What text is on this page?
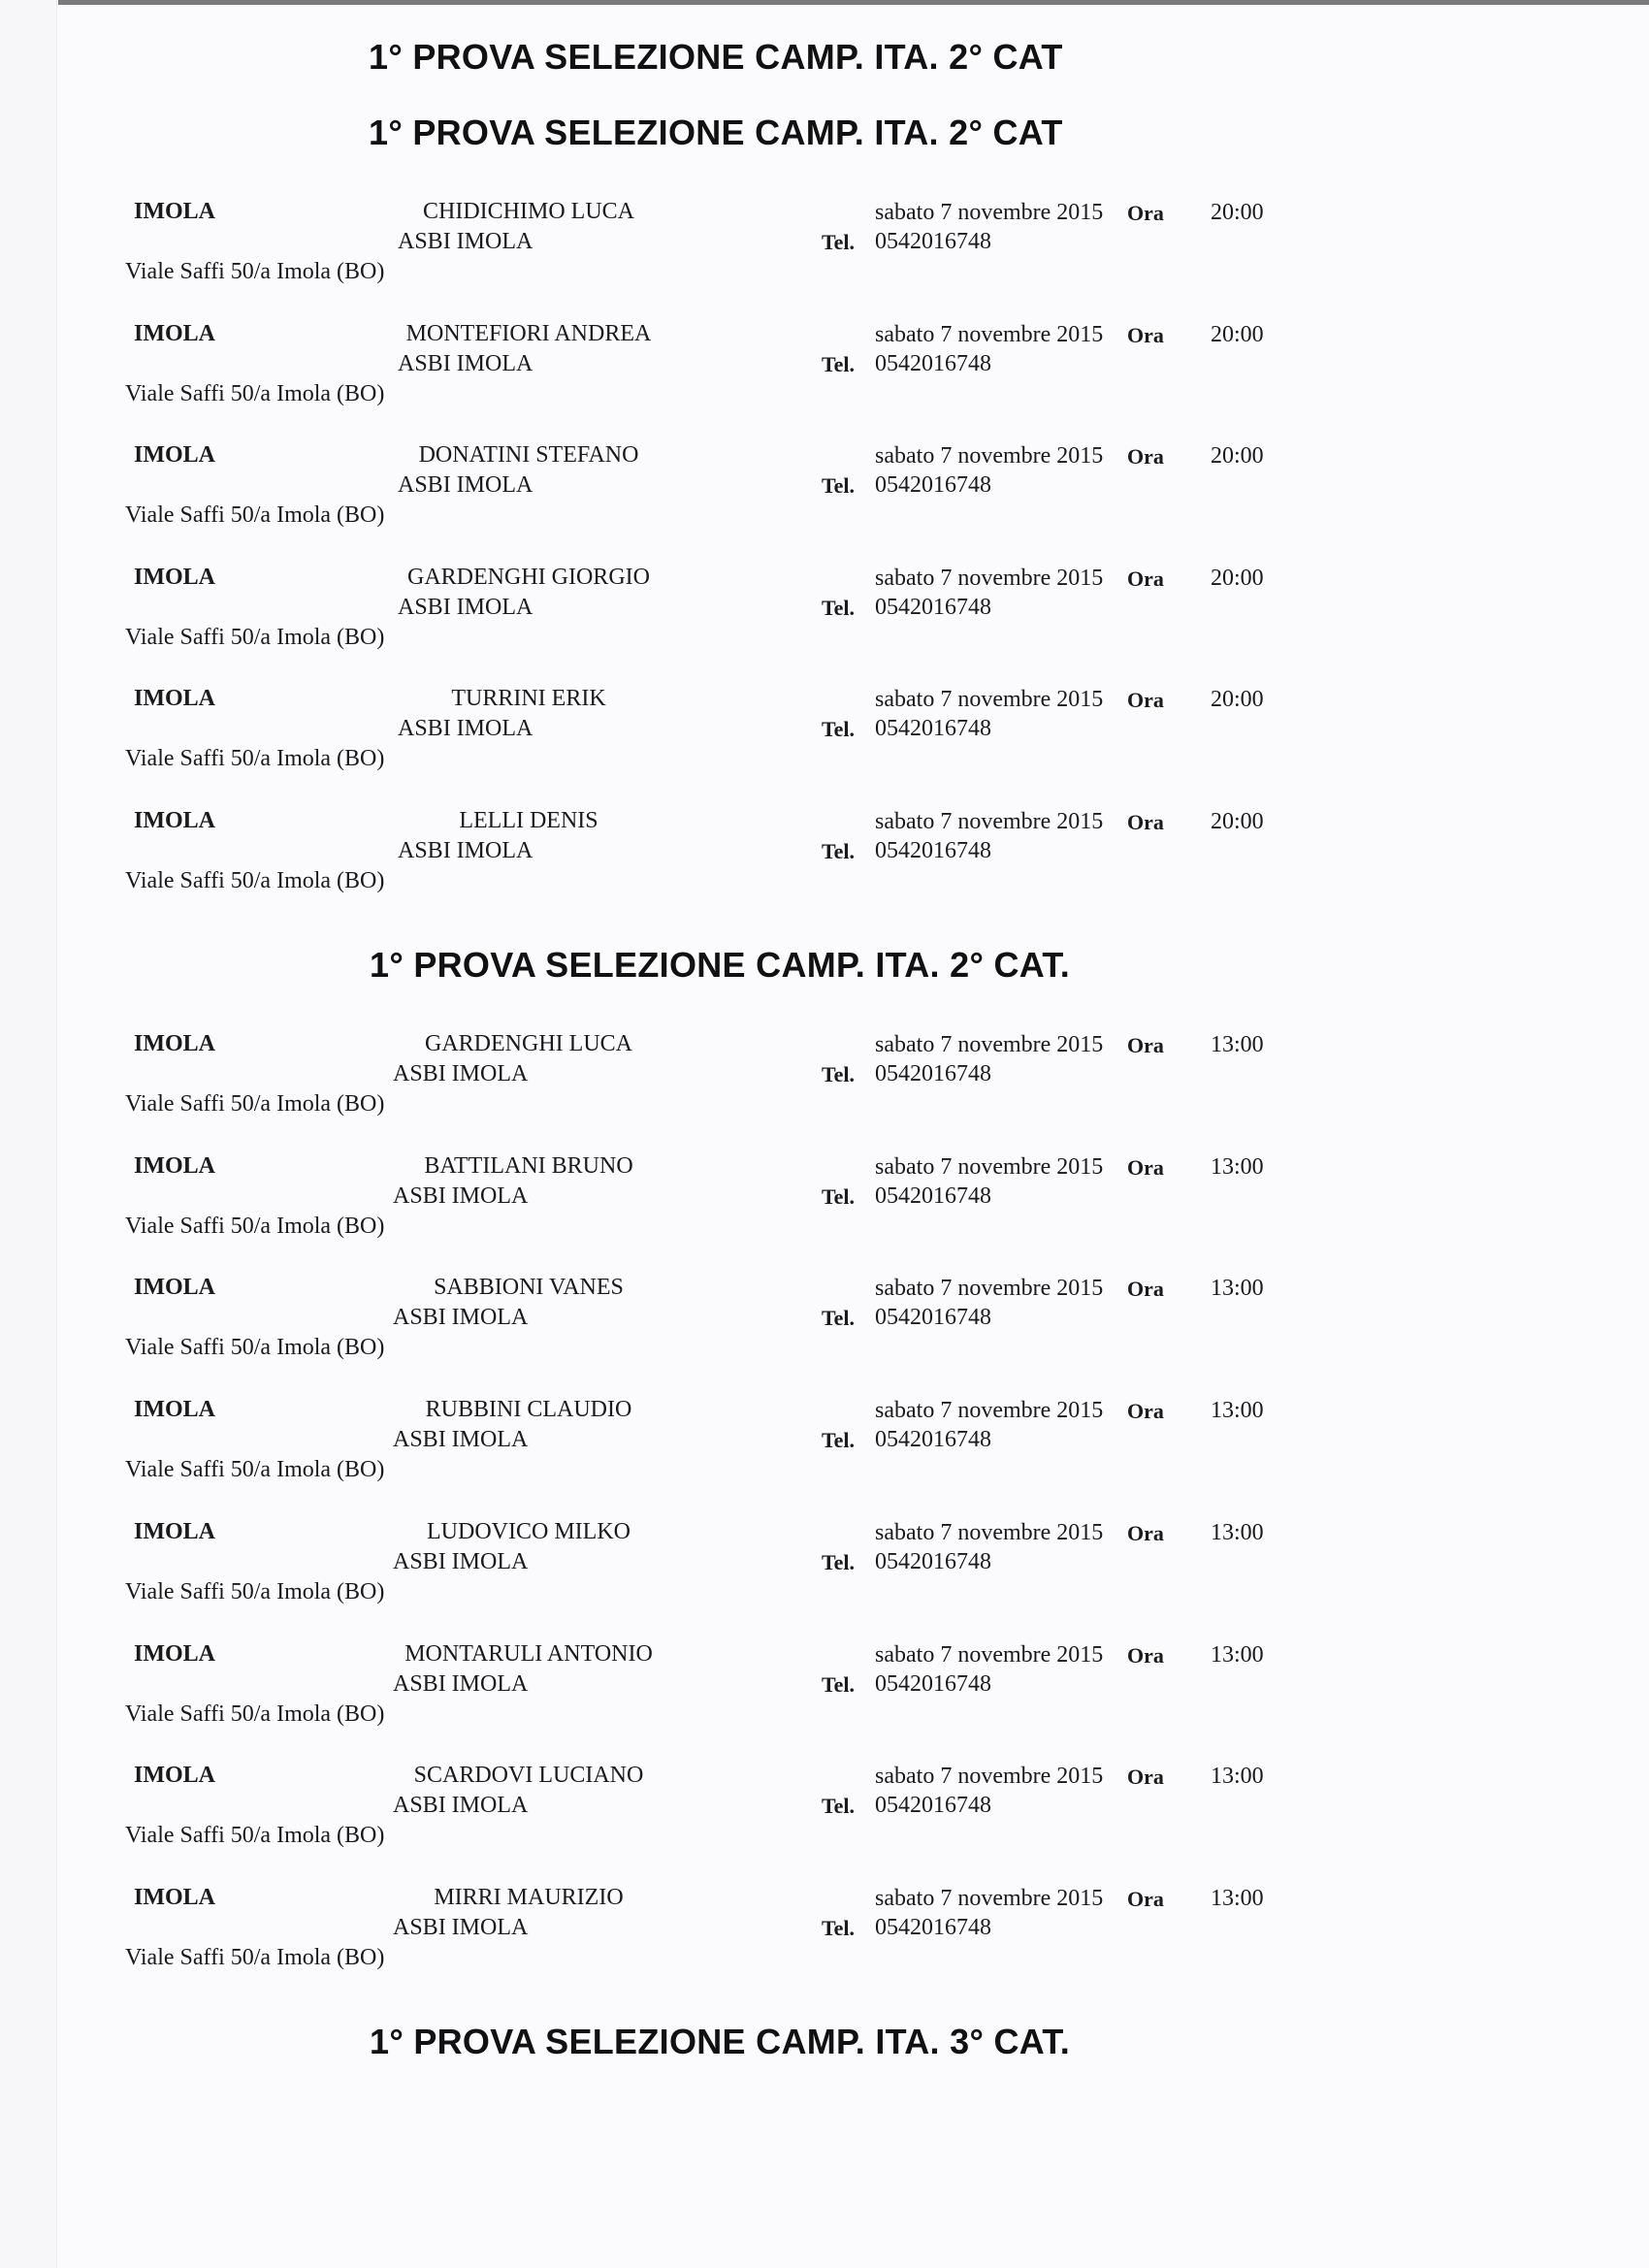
1° PROVA SELEZIONE CAMP. ITA. 2° CAT
1° PROVA SELEZIONE CAMP. ITA. 2° CAT
IMOLA	CHIDICHIMO LUCA
ASBI IMOLA
sabato 7 novembre 2015 Ora 20:00
Tel. 0542016748
Viale Saffi 50/a Imola (BO)
IMOLA	MONTEFIORI ANDREA
ASBI IMOLA
sabato 7 novembre 2015 Ora 20:00
Tel. 0542016748
Viale Saffi 50/a Imola (BO)
IMOLA	DONATINI STEFANO
ASBI IMOLA
sabato 7 novembre 2015 Ora 20:00
Tel. 0542016748
Viale Saffi 50/a Imola (BO)
IMOLA	GARDENGHI GIORGIO
ASBI IMOLA
sabato 7 novembre 2015 Ora 20:00
Tel. 0542016748
Viale Saffi 50/a Imola (BO)
IMOLA	TURRINI ERIK
ASBI IMOLA
sabato 7 novembre 2015 Ora 20:00
Tel. 0542016748
Viale Saffi 50/a Imola (BO)
IMOLA	LELLI DENIS
ASBI IMOLA
sabato 7 novembre 2015 Ora 20:00
Tel. 0542016748
Viale Saffi 50/a Imola (BO)
1° PROVA SELEZIONE CAMP. ITA. 2° CAT.
IMOLA	GARDENGHI LUCA
ASBI IMOLA
sabato 7 novembre 2015 Ora 13:00
Tel. 0542016748
Viale Saffi 50/a Imola (BO)
IMOLA	BATTILANI BRUNO
ASBI IMOLA
sabato 7 novembre 2015 Ora 13:00
Tel. 0542016748
Viale Saffi 50/a Imola (BO)
IMOLA	SABBIONI VANES
ASBI IMOLA
sabato 7 novembre 2015 Ora 13:00
Tel. 0542016748
Viale Saffi 50/a Imola (BO)
IMOLA	RUBBINI CLAUDIO
ASBI IMOLA
sabato 7 novembre 2015 Ora 13:00
Tel. 0542016748
Viale Saffi 50/a Imola (BO)
IMOLA	LUDOVICO MILKO
ASBI IMOLA
sabato 7 novembre 2015 Ora 13:00
Tel. 0542016748
Viale Saffi 50/a Imola (BO)
IMOLA	MONTARULI ANTONIO
ASBI IMOLA
sabato 7 novembre 2015 Ora 13:00
Tel. 0542016748
Viale Saffi 50/a Imola (BO)
IMOLA	SCARDOVI LUCIANO
ASBI IMOLA
sabato 7 novembre 2015 Ora 13:00
Tel. 0542016748
Viale Saffi 50/a Imola (BO)
IMOLA	MIRRI MAURIZIO
ASBI IMOLA
sabato 7 novembre 2015 Ora 13:00
Tel. 0542016748
Viale Saffi 50/a Imola (BO)
1° PROVA SELEZIONE CAMP. ITA. 3° CAT.
